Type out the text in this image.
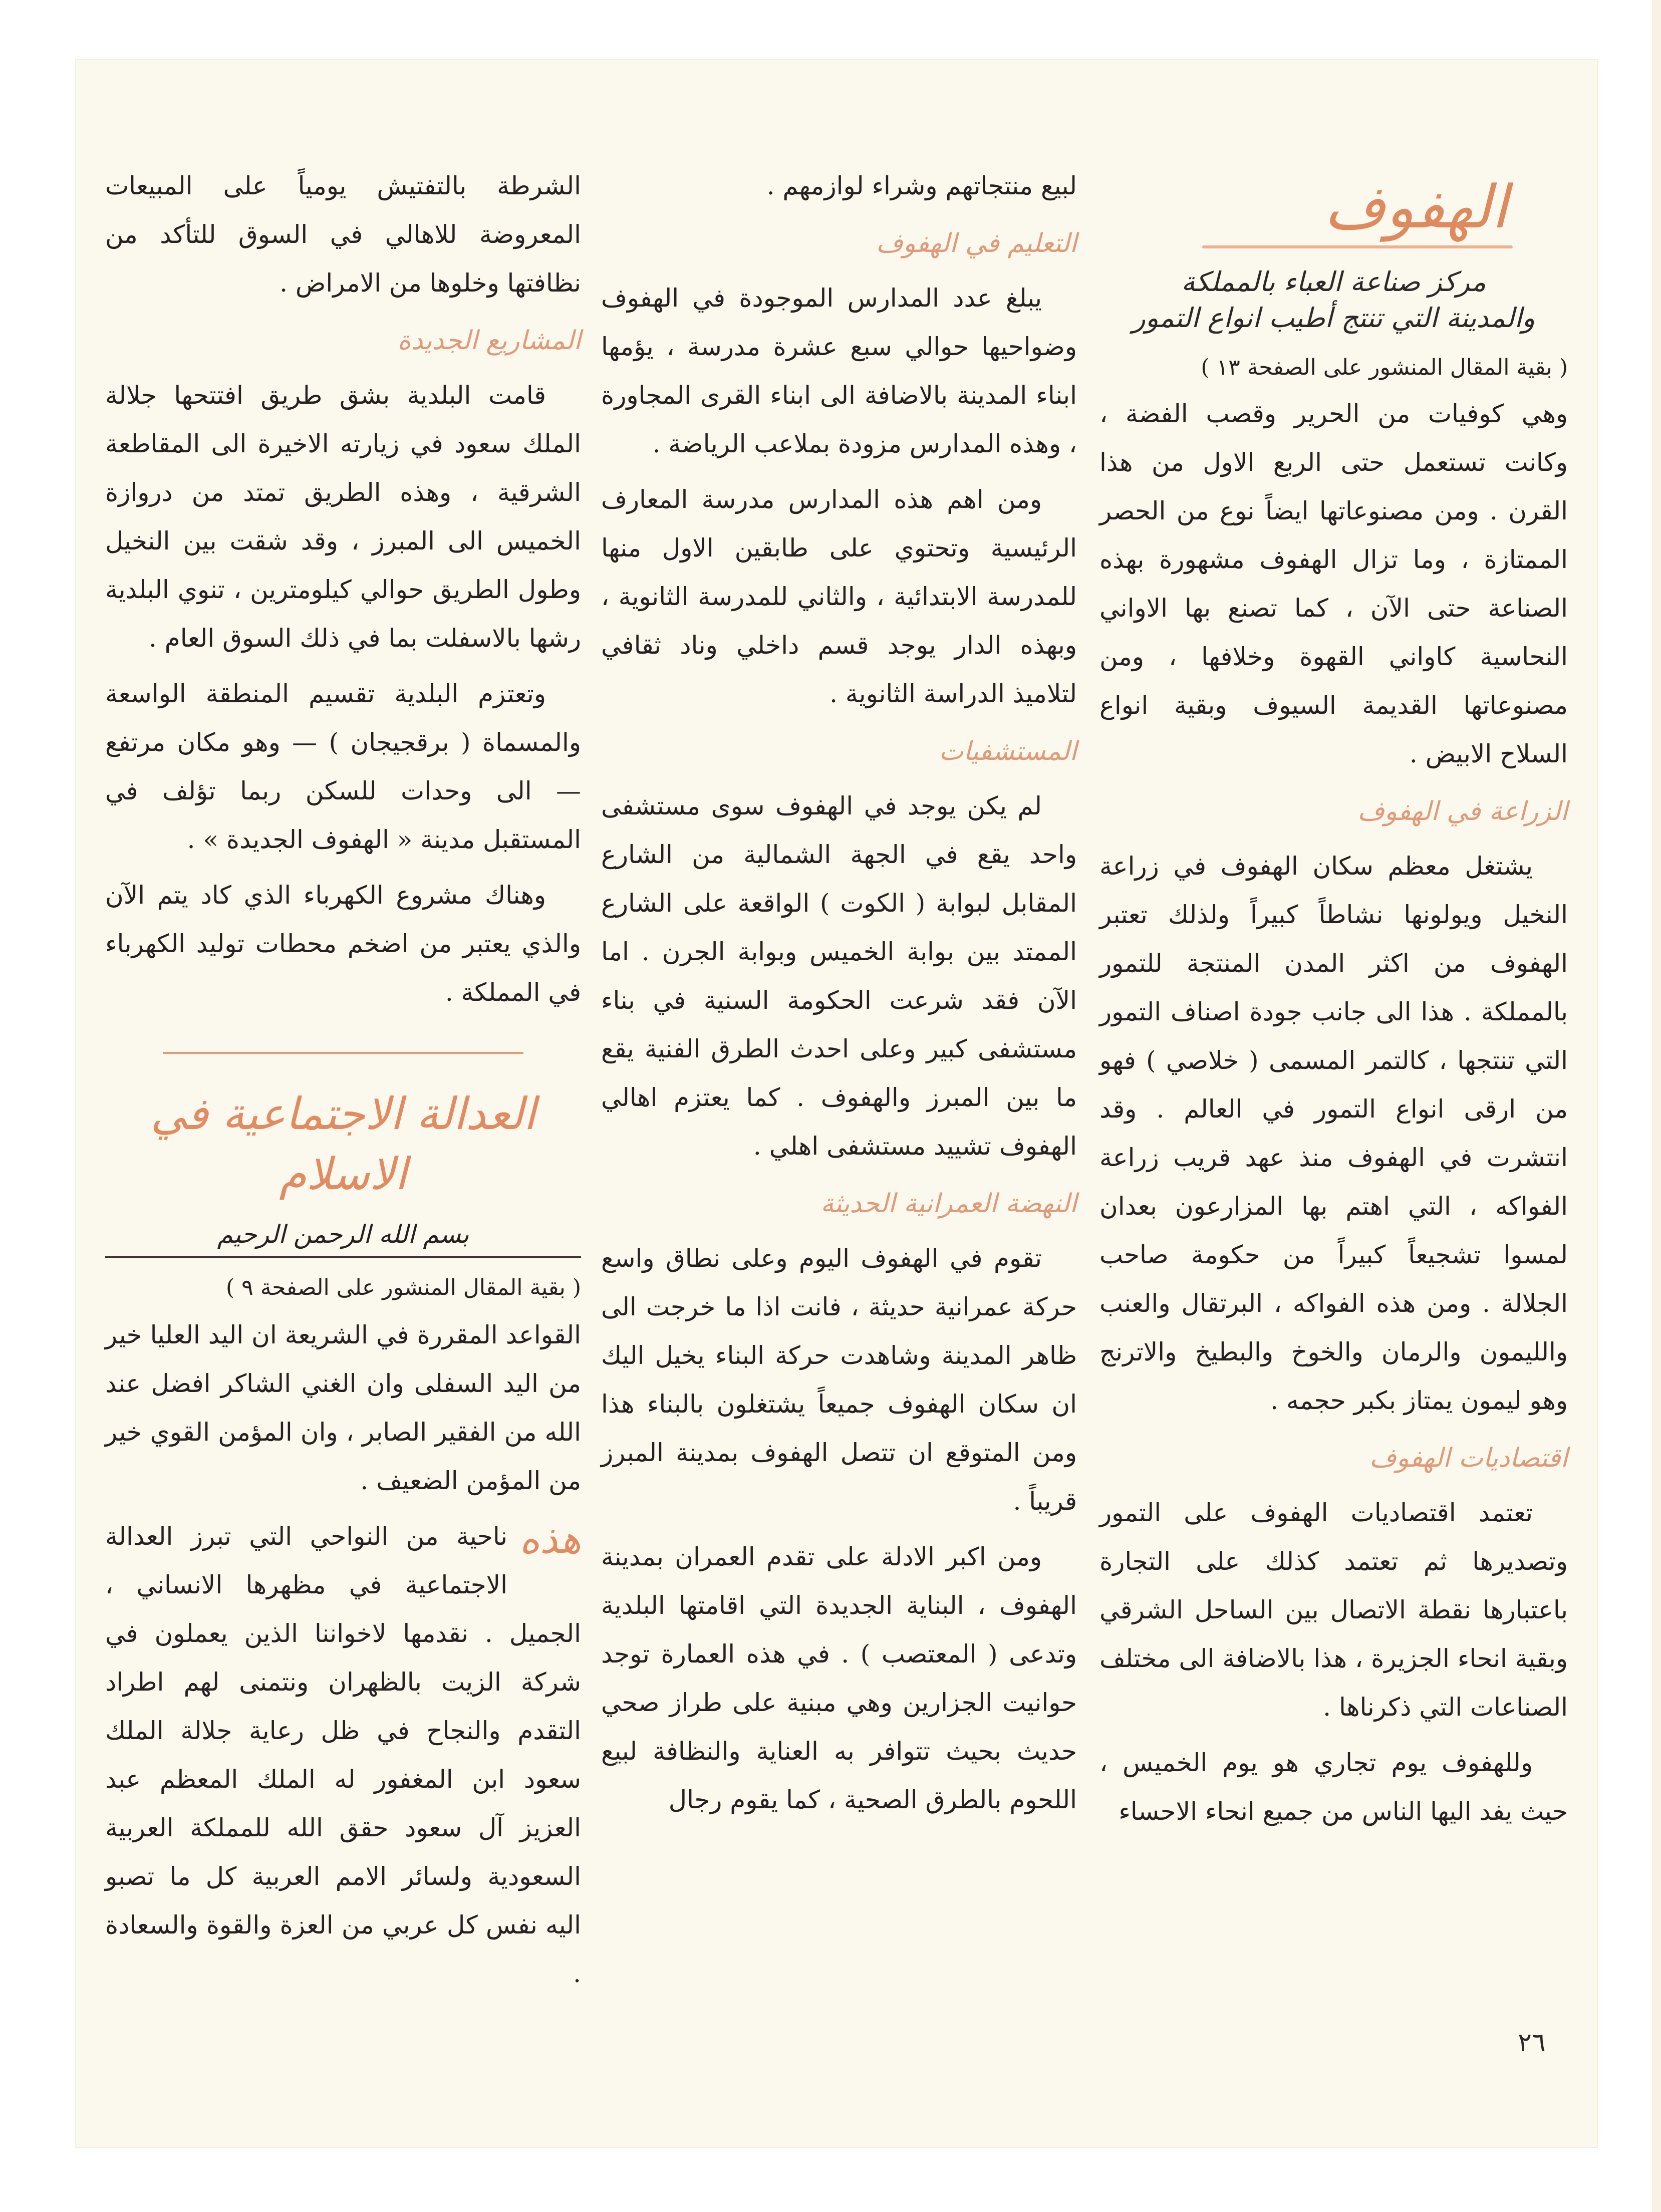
الهفوف
مركز صناعة العباء بالمملكة
والمدينة التي تنتج أطيب انواع التمور
( بقية المقال المنشور على الصفحة ١٣ )

وهي كوفيات من الحرير وقصب الفضة ، وكانت تستعمل حتى الربع الاول من هذا القرن . ومن مصنوعاتها ايضاً نوع من الحصر الممتازة ، وما تزال الهفوف مشهورة بهذه الصناعة حتى الآن ، كما تصنع بها الاواني النحاسية كاواني القهوة وخلافها ، ومن مصنوعاتها القديمة السيوف وبقية انواع السلاح الابيض .

الزراعة في الهفوف

يشتغل معظم سكان الهفوف في زراعة النخيل ويولونها نشاطاً كبيراً ولذلك تعتبر الهفوف من اكثر المدن المنتجة للتمور بالمملكة . هذا الى جانب جودة اصناف التمور التي تنتجها ، كالتمر المسمى ( خلاصي ) فهو من ارقى انواع التمور في العالم . وقد انتشرت في الهفوف منذ عهد قريب زراعة الفواكه ، التي اهتم بها المزارعون بعدان لمسوا تشجيعاً كبيراً من حكومة صاحب الجلالة . ومن هذه الفواكه ، البرتقال والعنب والليمون والرمان والخوخ والبطيخ والاترنج وهو ليمون يمتاز بكبر حجمه .

اقتصاديات الهفوف

تعتمد اقتصاديات الهفوف على التمور وتصديرها ثم تعتمد كذلك على التجارة باعتبارها نقطة الاتصال بين الساحل الشرقي وبقية انحاء الجزيرة ، هذا بالاضافة الى مختلف الصناعات التي ذكرناها .

وللهفوف يوم تجاري هو يوم الخميس ، حيث يفد اليها الناس من جميع انحاء الاحساء

لبيع منتجاتهم وشراء لوازمهم .

التعليم في الهفوف

يبلغ عدد المدارس الموجودة في الهفوف وضواحيها حوالي سبع عشرة مدرسة ، يؤمها ابناء المدينة بالاضافة الى ابناء القرى المجاورة ، وهذه المدارس مزودة بملاعب الرياضة .

ومن اهم هذه المدارس مدرسة المعارف الرئيسية وتحتوي على طابقين الاول منها للمدرسة الابتدائية ، والثاني للمدرسة الثانوية ، وبهذه الدار يوجد قسم داخلي وناد ثقافي لتلاميذ الدراسة الثانوية .

المستشفيات

لم يكن يوجد في الهفوف سوى مستشفى واحد يقع في الجهة الشمالية من الشارع المقابل لبوابة ( الكوت ) الواقعة على الشارع الممتد بين بوابة الخميس وبوابة الجرن . اما الآن فقد شرعت الحكومة السنية في بناء مستشفى كبير وعلى احدث الطرق الفنية يقع ما بين المبرز والهفوف . كما يعتزم اهالي الهفوف تشييد مستشفى اهلي .

النهضة العمرانية الحديثة

تقوم في الهفوف اليوم وعلى نطاق واسع حركة عمرانية حديثة ، فانت اذا ما خرجت الى ظاهر المدينة وشاهدت حركة البناء يخيل اليك ان سكان الهفوف جميعاً يشتغلون بالبناء هذا ومن المتوقع ان تتصل الهفوف بمدينة المبرز قريباً .

ومن اكبر الادلة على تقدم العمران بمدينة الهفوف ، البناية الجديدة التي اقامتها البلدية وتدعى ( المعتصب ) . في هذه العمارة توجد حوانيت الجزارين وهي مبنية على طراز صحي حديث بحيث تتوافر به العناية والنظافة لبيع اللحوم بالطرق الصحية ، كما يقوم رجال

الشرطة بالتفتيش يومياً على المبيعات المعروضة للاهالي في السوق للتأكد من نظافتها وخلوها من الامراض .

المشاريع الجديدة

قامت البلدية بشق طريق افتتحها جلالة الملك سعود في زيارته الاخيرة الى المقاطعة الشرقية ، وهذه الطريق تمتد من دروازة الخميس الى المبرز ، وقد شقت بين النخيل وطول الطريق حوالي كيلومترين ، تنوي البلدية رشها بالاسفلت بما في ذلك السوق العام .

وتعتزم البلدية تقسيم المنطقة الواسعة والمسماة ( برقجيجان ) — وهو مكان مرتفع — الى وحدات للسكن ربما تؤلف في المستقبل مدينة « الهفوف الجديدة » .

وهناك مشروع الكهرباء الذي كاد يتم الآن والذي يعتبر من اضخم محطات توليد الكهرباء في المملكة .

العدالة الاجتماعية في الاسلام
بسم الله الرحمن الرحيم
( بقية المقال المنشور على الصفحة ٩ )

القواعد المقررة في الشريعة ان اليد العليا خير من اليد السفلى وان الغني الشاكر افضل عند الله من الفقير الصابر ، وان المؤمن القوي خير من المؤمن الضعيف .

هذه
ناحية من النواحي التي تبرز العدالة الاجتماعية في مظهرها الانساني ، الجميل . نقدمها لاخواننا الذين يعملون في شركة الزيت بالظهران ونتمنى لهم اطراد التقدم والنجاح في ظل رعاية جلالة الملك سعود ابن المغفور له الملك المعظم عبد العزيز آل سعود حقق الله للمملكة العربية السعودية ولسائر الامم العربية كل ما تصبو اليه نفس كل عربي من العزة والقوة والسعادة .

٢٦
